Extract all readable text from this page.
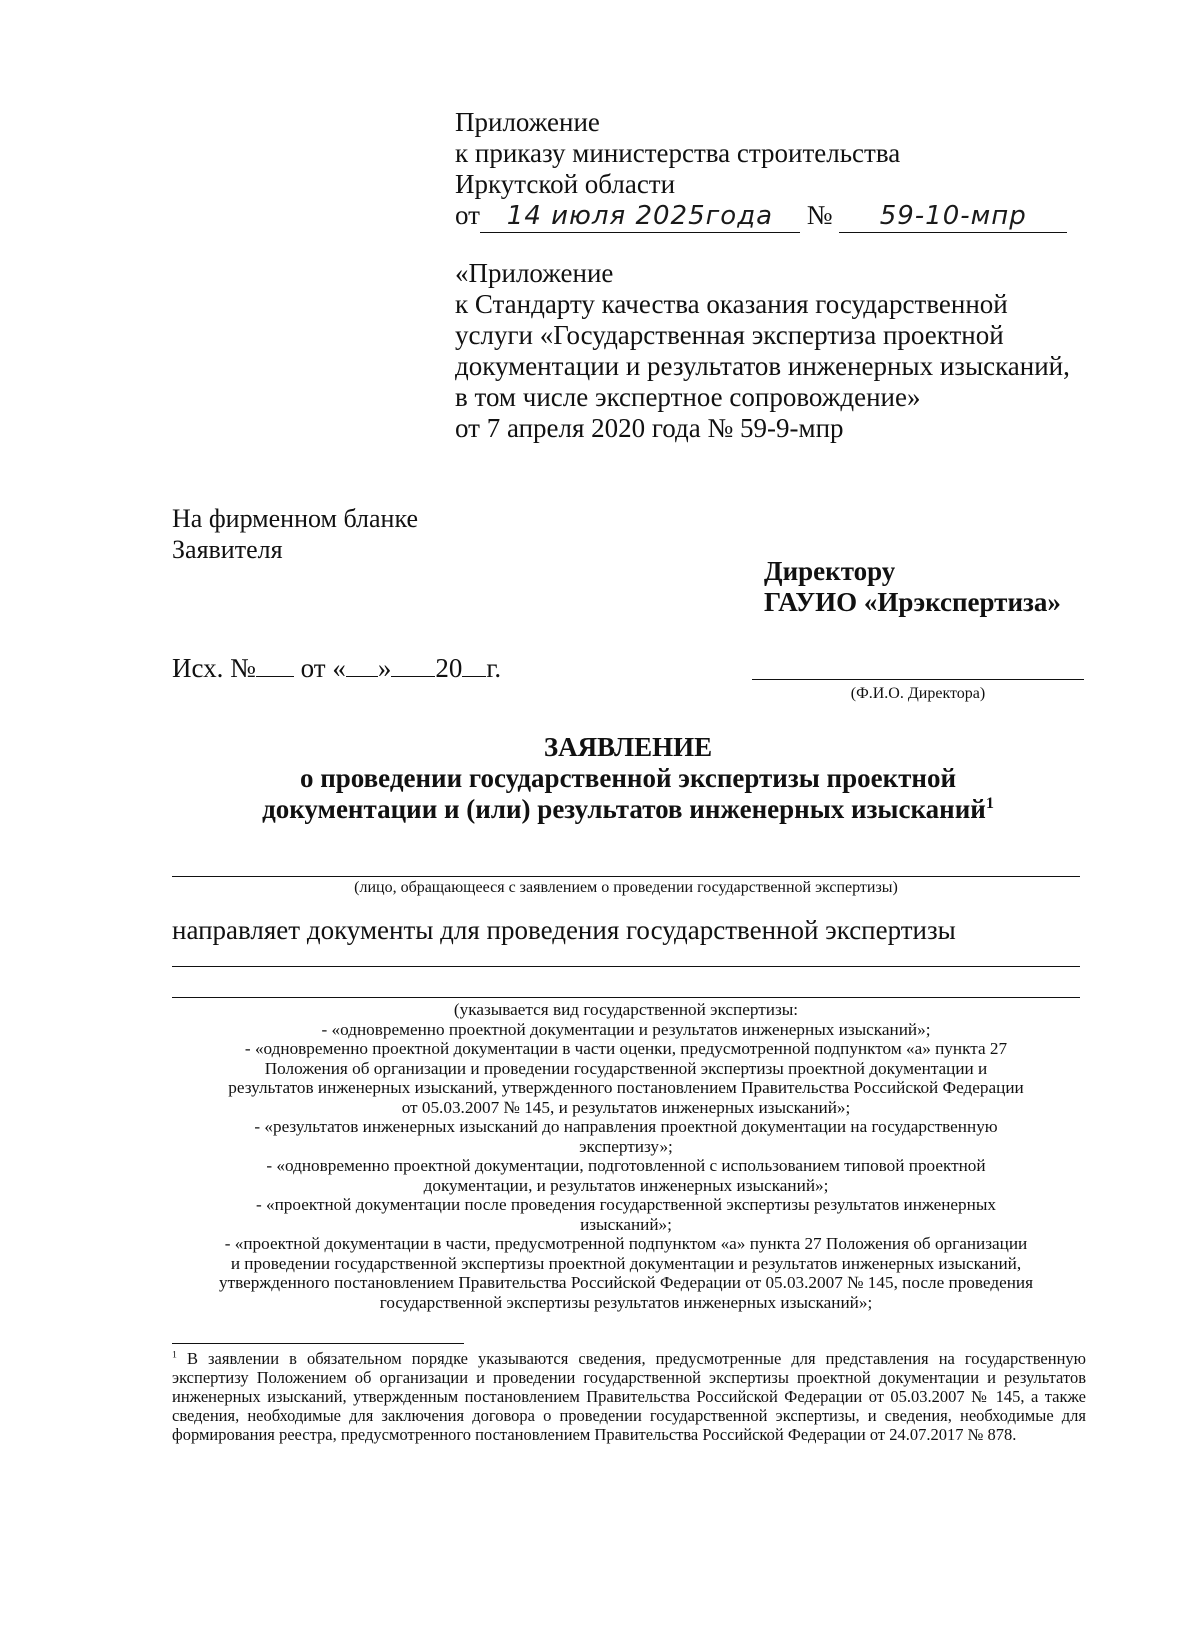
Приложение
к приказу министерства строительства
Иркутской области
от 14 июля 2025года № 59-10-мпр
«Приложение
к Стандарту качества оказания государственной
услуги «Государственная экспертиза проектной
документации и результатов инженерных изысканий,
в том числе экспертное сопровождение»
от 7 апреля 2020 года № 59-9-мпр
На фирменном бланке
Заявителя
Директору
ГАУИО «Ирэкспертиза»
Исх. № от « » 20 г.
(Ф.И.О. Директора)
ЗАЯВЛЕНИЕ
о проведении государственной экспертизы проектной
документации и (или) результатов инженерных изысканий$^1$
(лицо, обращающееся с заявлением о проведении государственной экспертизы)
направляет документы для проведения государственной экспертизы
(указывается вид государственной экспертизы:
- «одновременно проектной документации и результатов инженерных изысканий»;
- «одновременно проектной документации в части оценки, предусмотренной подпунктом «а» пункта 27
Положения об организации и проведении государственной экспертизы проектной документации и
результатов инженерных изысканий, утвержденного постановлением Правительства Российской Федерации
от 05.03.2007 № 145, и результатов инженерных изысканий»;
- «результатов инженерных изысканий до направления проектной документации на государственную
экспертизу»;
- «одновременно проектной документации, подготовленной с использованием типовой проектной
документации, и результатов инженерных изысканий»;
- «проектной документации после проведения государственной экспертизы результатов инженерных
изысканий»;
- «проектной документации в части, предусмотренной подпунктом «а» пункта 27 Положения об организации
и проведении государственной экспертизы проектной документации и результатов инженерных изысканий,
утвержденного постановлением Правительства Российской Федерации от 05.03.2007 № 145, после проведения
государственной экспертизы результатов инженерных изысканий»;
$^1$ В заявлении в обязательном порядке указываются сведения, предусмотренные для представления на государственную экспертизу Положением об организации и проведении государственной экспертизы проектной документации и результатов инженерных изысканий, утвержденным постановлением Правительства Российской Федерации от 05.03.2007 № 145, а также сведения, необходимые для заключения договора о проведении государственной экспертизы, и сведения, необходимые для формирования реестра, предусмотренного постановлением Правительства Российской Федерации от 24.07.2017 № 878.
